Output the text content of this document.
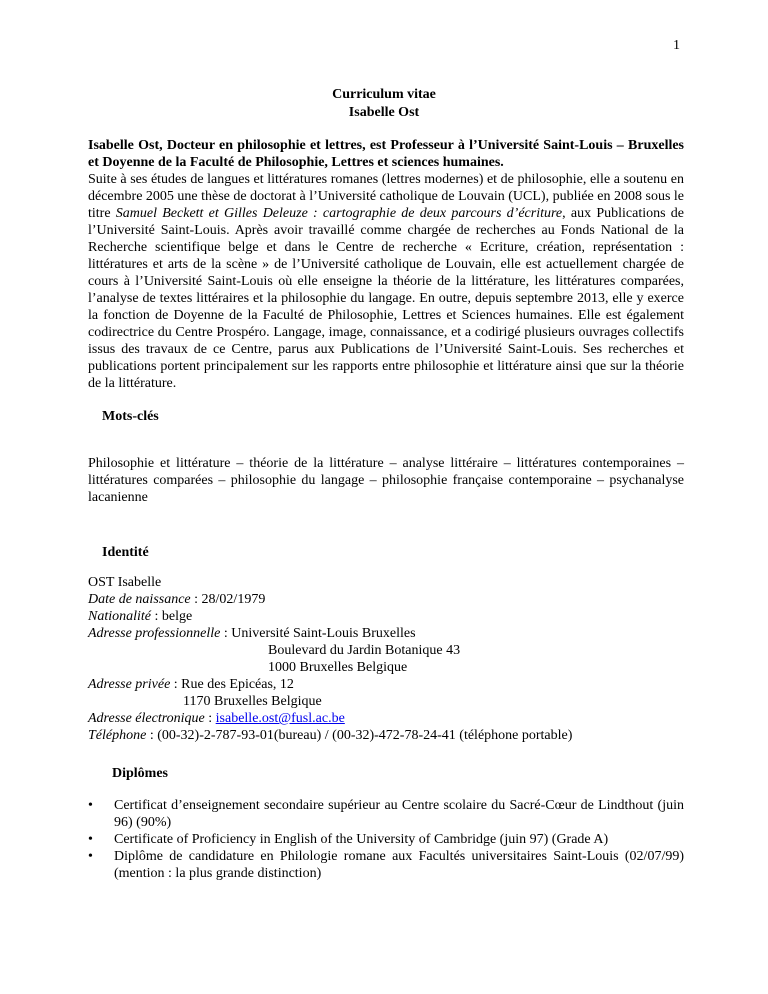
1
Curriculum vitae
Isabelle Ost
Isabelle Ost, Docteur en philosophie et lettres, est Professeur à l’Université Saint-Louis – Bruxelles et Doyenne de la Faculté de Philosophie, Lettres et sciences humaines.
Suite à ses études de langues et littératures romanes (lettres modernes) et de philosophie, elle a soutenu en décembre 2005 une thèse de doctorat à l’Université catholique de Louvain (UCL), publiée en 2008 sous le titre Samuel Beckett et Gilles Deleuze : cartographie de deux parcours d’écriture, aux Publications de l’Université Saint-Louis. Après avoir travaillé comme chargée de recherches au Fonds National de la Recherche scientifique belge et dans le Centre de recherche « Ecriture, création, représentation : littératures et arts de la scène » de l’Université catholique de Louvain, elle est actuellement chargée de cours à l’Université Saint-Louis où elle enseigne la théorie de la littérature, les littératures comparées, l’analyse de textes littéraires et la philosophie du langage. En outre, depuis septembre 2013, elle y exerce la fonction de Doyenne de la Faculté de Philosophie, Lettres et Sciences humaines. Elle est également codirectrice du Centre Prospéro. Langage, image, connaissance, et a codirigé plusieurs ouvrages collectifs issus des travaux de ce Centre, parus aux Publications de l’Université Saint-Louis. Ses recherches et publications portent principalement sur les rapports entre philosophie et littérature ainsi que sur la théorie de la littérature.
Mots-clés
Philosophie et littérature – théorie de la littérature – analyse littéraire – littératures contemporaines – littératures comparées – philosophie du langage – philosophie française contemporaine – psychanalyse lacanienne
Identité
OST Isabelle
Date de naissance : 28/02/1979
Nationalité : belge
Adresse professionnelle : Université Saint-Louis Bruxelles
Boulevard du Jardin Botanique 43
1000 Bruxelles Belgique
Adresse privée : Rue des Epicéas, 12
1170 Bruxelles Belgique
Adresse électronique : isabelle.ost@fusl.ac.be
Téléphone : (00-32)-2-787-93-01(bureau) / (00-32)-472-78-24-41 (téléphone portable)
Diplômes
• Certificat d’enseignement secondaire supérieur au Centre scolaire du Sacré-Cœur de Lindthout (juin 96) (90%)
• Certificate of Proficiency in English of the University of Cambridge (juin 97) (Grade A)
• Diplôme de candidature en Philologie romane aux Facultés universitaires Saint-Louis (02/07/99) (mention : la plus grande distinction)
